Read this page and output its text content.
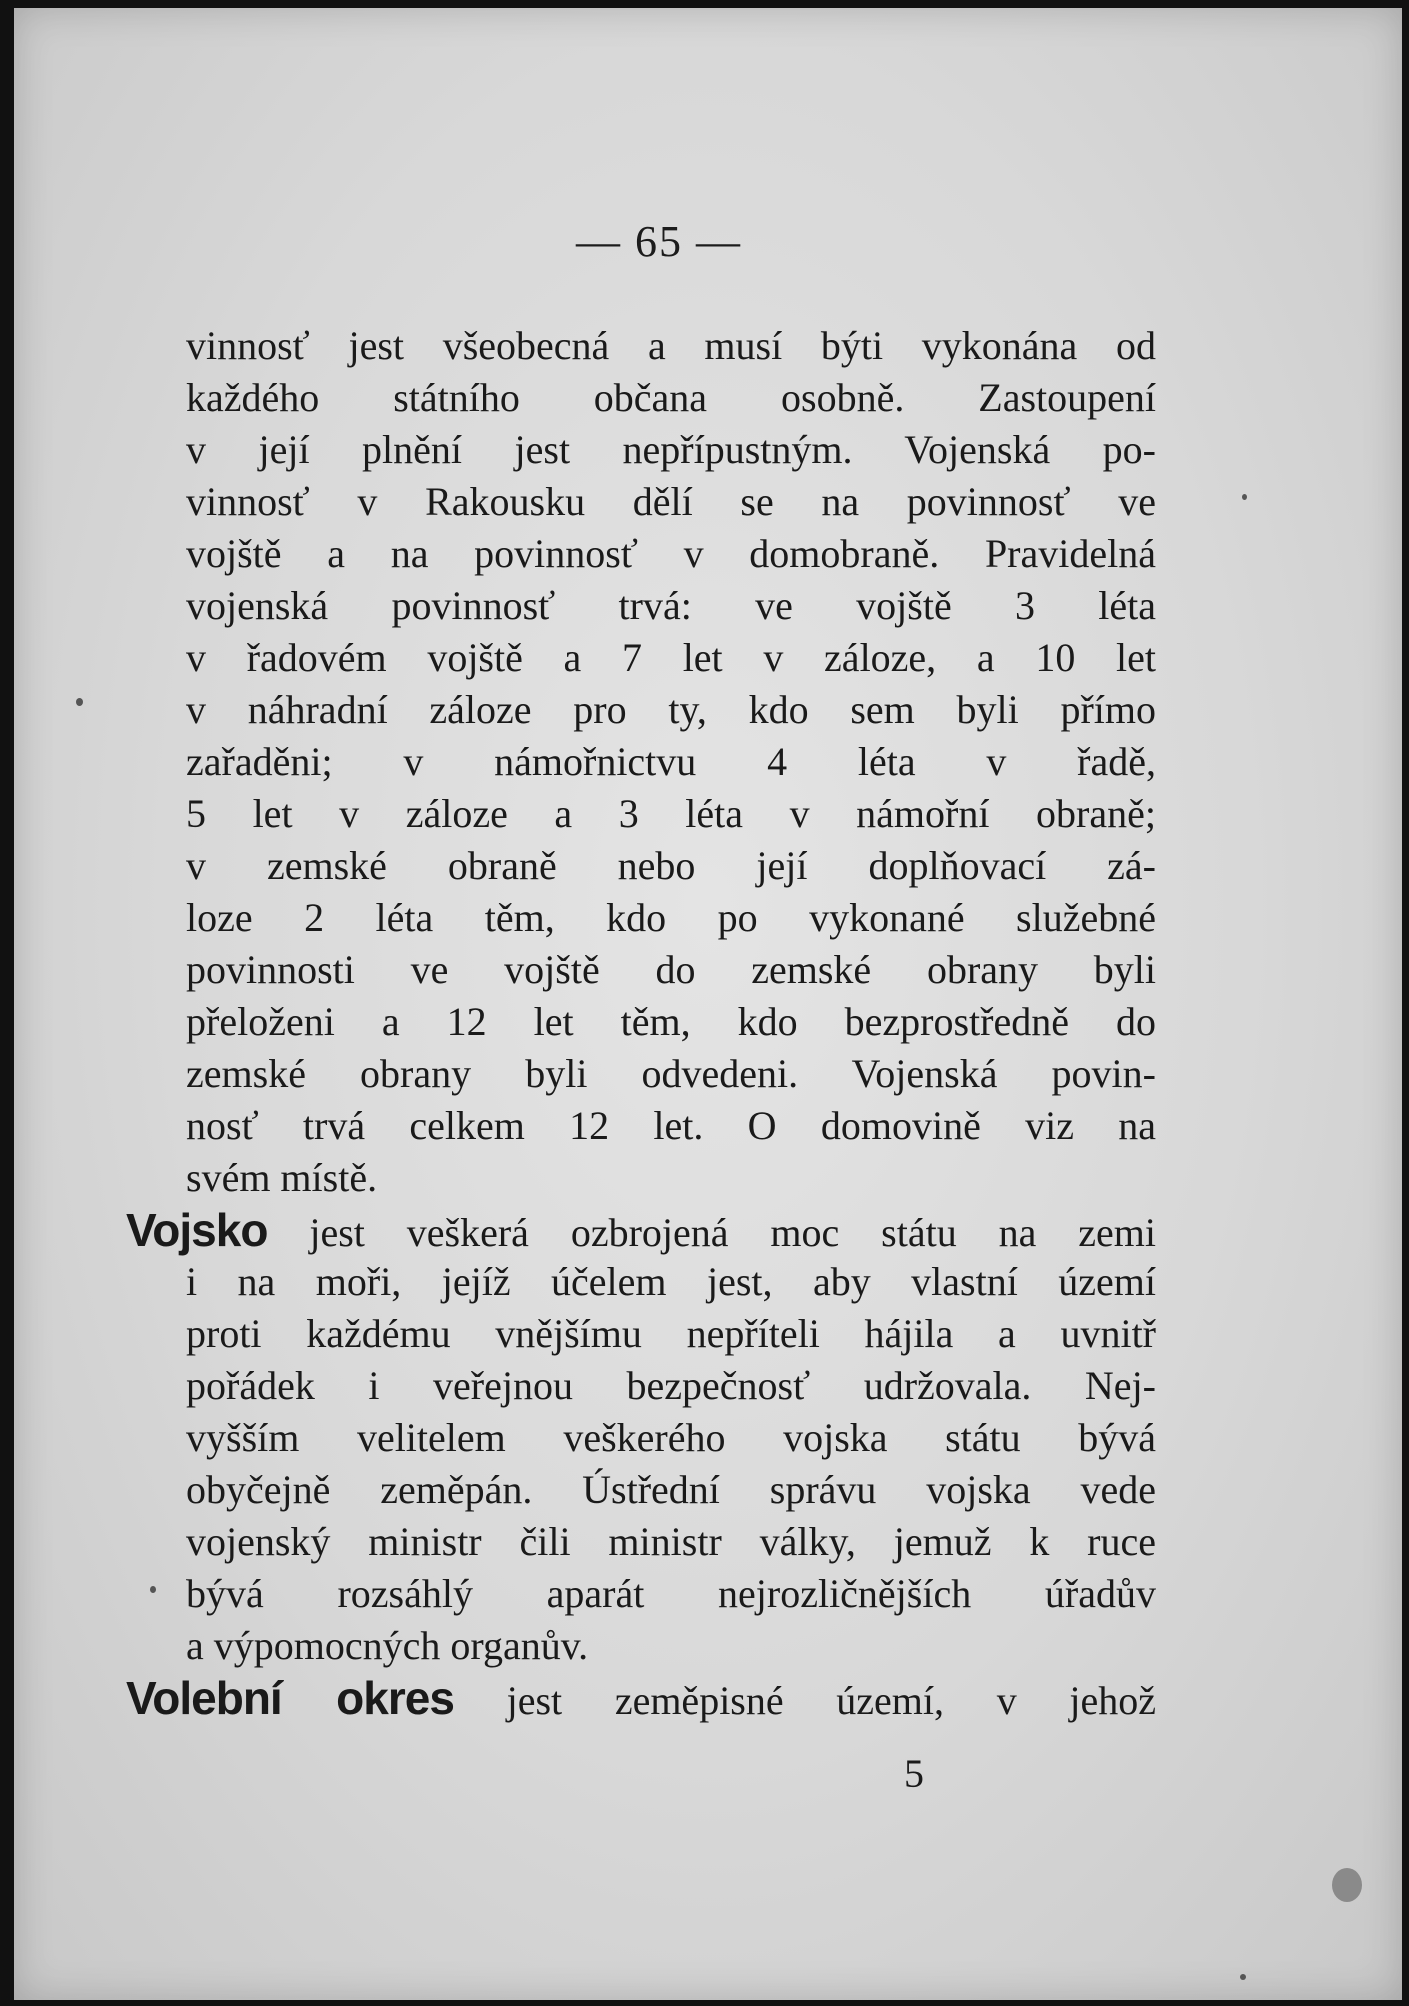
— 65 —
vinnosť jest všeobecná a musí býti vykonána od
každého státního občana osobně. Zastoupení
v její plnění jest nepřípustným. Vojenská po-
vinnosť v Rakousku dělí se na povinnosť ve
vojště a na povinnosť v domobraně. Pravidelná
vojenská povinnosť trvá: ve vojště 3 léta
v řadovém vojště a 7 let v záloze, a 10 let
v náhradní záloze pro ty, kdo sem byli přímo
zařaděni; v námořnictvu 4 léta v řadě,
5 let v záloze a 3 léta v námořní obraně;
v zemské obraně nebo její doplňovací zá-
loze 2 léta těm, kdo po vykonané služebné
povinnosti ve vojště do zemské obrany byli
přeloženi a 12 let těm, kdo bezprostředně do
zemské obrany byli odvedeni. Vojenská povin-
nosť trvá celkem 12 let. O domovině viz na
svém místě.
Vojsko jest veškerá ozbrojená moc státu na zemi
i na moři, jejíž účelem jest, aby vlastní území
proti každému vnějšímu nepříteli hájila a uvnitř
pořádek i veřejnou bezpečnosť udržovala. Nej-
vyšším velitelem veškerého vojska státu bývá
obyčejně zeměpán. Ústřední správu vojska vede
vojenský ministr čili ministr války, jemuž k ruce
bývá rozsáhlý aparát nejrozličnějších úřadův
a výpomocných organův.
Volební okres jest zeměpisné území, v jehož
5
